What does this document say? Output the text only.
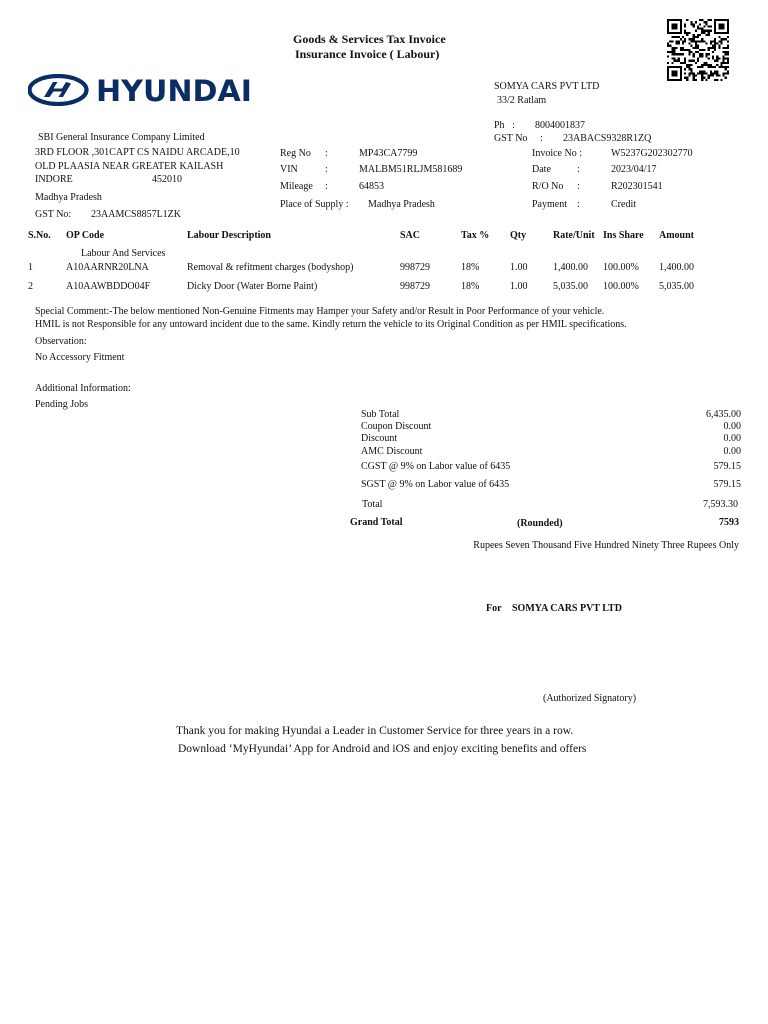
Goods & Services Tax Invoice
Insurance Invoice ( Labour)
HYUNDAI	SOMYA CARS PVT LTD
33/2 Ratlam
Ph   : 8004001837
GST No     : 23ABACS9328R1ZQ
SBI General Insurance Company Limited
3RD FLOOR ,301CAPT CS NAIDU ARCADE,10
OLD PLAASIA NEAR GREATER KAILASH
INDORE	452010
Madhya Pradesh
GST No: 23AAMCS8857L1ZK
Reg No :	MP43CA7799
VIN	:	MALBM51RLJM581689
Mileage :	64853
Place of Supply : Madhya Pradesh
Invoice No :	W5237G202302770
Date	:	2023/04/17
R/O No :	R202301541
Payment :	Credit
S.No. OP Code	Labour Description	SAC	Tax % Qty	Rate/Unit Ins Share Amount
Labour And Services
1	A10AARNR20LNA	Removal & refitment charges (bodyshop)	998729	18%	1.00	1,400.00 100.00% 1,400.00
2	A10AAWBDDO04F	Dicky Door (Water Borne Paint)	998729	18%	1.00	5,035.00 100.00% 5,035.00
Special Comment:-The below mentioned Non-Genuine Fitments may Hamper your Safety and/or Result in Poor Performance of your vehicle.
HMIL is not Responsible for any untoward incident due to the same. Kindly return the vehicle to its Original Condition as per HMIL specifications.
Observation:
No Accessory Fitment
Additional Information:
Pending Jobs
Sub Total	6,435.00
Coupon Discount	0.00
Discount	0.00
AMC Discount	0.00
CGST @ 9% on Labor value of 6435	579.15
SGST @ 9% on Labor value of 6435	579.15
Total	7,593.30
Grand Total	(Rounded)	7593
Rupees Seven Thousand Five Hundred Ninety Three Rupees Only
For SOMYA CARS PVT LTD
(Authorized Signatory)
Thank you for making Hyundai a Leader in Customer Service for three years in a row.
Download ‘MyHyundai’ App for Android and iOS and enjoy exciting benefits and offers
